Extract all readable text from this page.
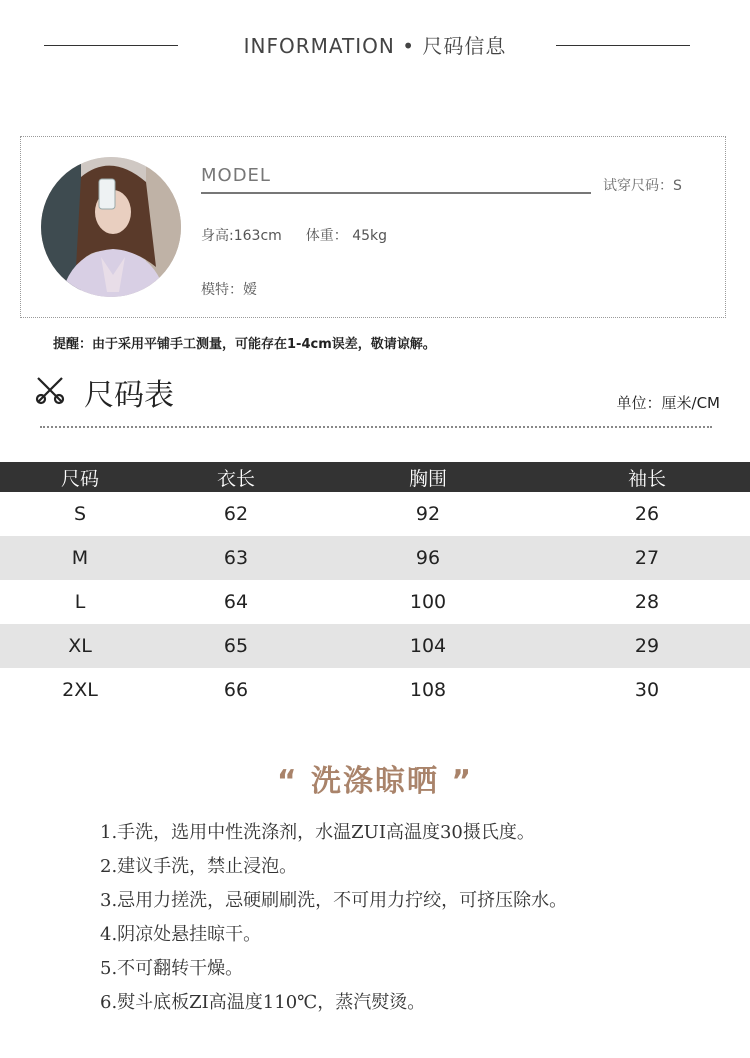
INFORMATION • 尺码信息
MODEL	试穿尺码：S
身高:163cm 体重： 45kg
模特：嫒
提醒：由于采用平铺手工测量，可能存在1-4cm误差，敬请谅解。
尺码表	单位：厘米/CM
尺码	衣长	胸围	袖长
S	62	92	26
M	63	96	27
L	64	100	28
XL	65	104	29
2XL	66	108	30
“ 洗涤晾晒 ”
1.手洗，选用中性洗涤剂，水温ZUI高温度30摄氏度。
2.建议手洗，禁止浸泡。
3.忌用力搓洗，忌硬刷刷洗，不可用力拧绞，可挤压除水。
4.阴凉处悬挂晾干。
5.不可翻转干燥。
6.熨斗底板ZI高温度110℃，蒸汽熨烫。
